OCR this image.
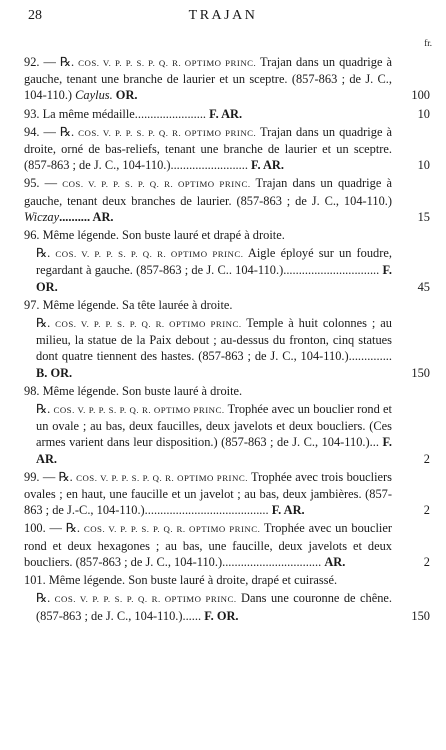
28	TRAJAN
fr.
92. — ℞. COS. V. P. P. S. P. Q. R. OPTIMO PRINC. Trajan dans un quadrige à gauche, tenant une branche de laurier et un sceptre. (857-863 ; de J. C., 104-110.) Caylus. OR.	100
93. La même médaille....................... F. AR.	10
94. — ℞. COS. V. P. P. S. P. Q. R. OPTIMO PRINC. Trajan dans un quadrige à droite, orné de bas-reliefs, tenant une branche de laurier et un sceptre. (857-863 ; de J. C., 104-110.)......................... F. AR.	10
95. — COS. V. P. P. S. P. Q. R. OPTIMO PRINC. Trajan dans un quadrige à gauche, tenant deux branches de laurier. (857-863 ; de J. C., 104-110.) Wiczay.......... AR.	15
96. Même légende. Son buste lauré et drapé à droite.
℞. COS. V. P. P. S. P. Q. R. OPTIMO PRINC. Aigle éployé sur un foudre, regardant à gauche. (857-863 ; de J. C.. 104-110.)............................... F. OR.	45
97. Même légende. Sa tête laurée à droite.
℞. COS. V. P. P. S. P. Q. R. OPTIMO PRINC. Temple à huit colonnes ; au milieu, la statue de la Paix debout ; au-dessus du fronton, cinq statues dont quatre tiennent des hastes. (857-863 ; de J. C., 104-110.).............. B. OR.	150
98. Même légende. Son buste lauré à droite.
℞. COS. V. P. P. S. P. Q. R. OPTIMO PRINC. Trophée avec un bouclier rond et un ovale ; au bas, deux faucilles, deux javelots et deux boucliers. (Ces armes varient dans leur disposition.) (857-863 ; de J. C., 104-110.)... F. AR.	2
99. — ℞. COS. V. P. P. S. P. Q. R. OPTIMO PRINC. Trophée avec trois boucliers ovales ; en haut, une faucille et un javelot ; au bas, deux jambières. (857-863 ; de J.-C., 104-110.)........................................ F. AR.	2
100. — ℞. COS. V. P. P. S. P. Q. R. OPTIMO PRINC. Trophée avec un bouclier rond et deux hexagones ; au bas, une faucille, deux javelots et deux boucliers. (857-863 ; de J. C., 104-110.)................................ AR.	2
101. Même légende. Son buste lauré à droite, drapé et cuirassé.
℞. COS. V. P. P. S. P. Q. R. OPTIMO PRINC. Dans une couronne de chêne. (857-863 ; de J. C., 104-110.)...... F. OR.	150
